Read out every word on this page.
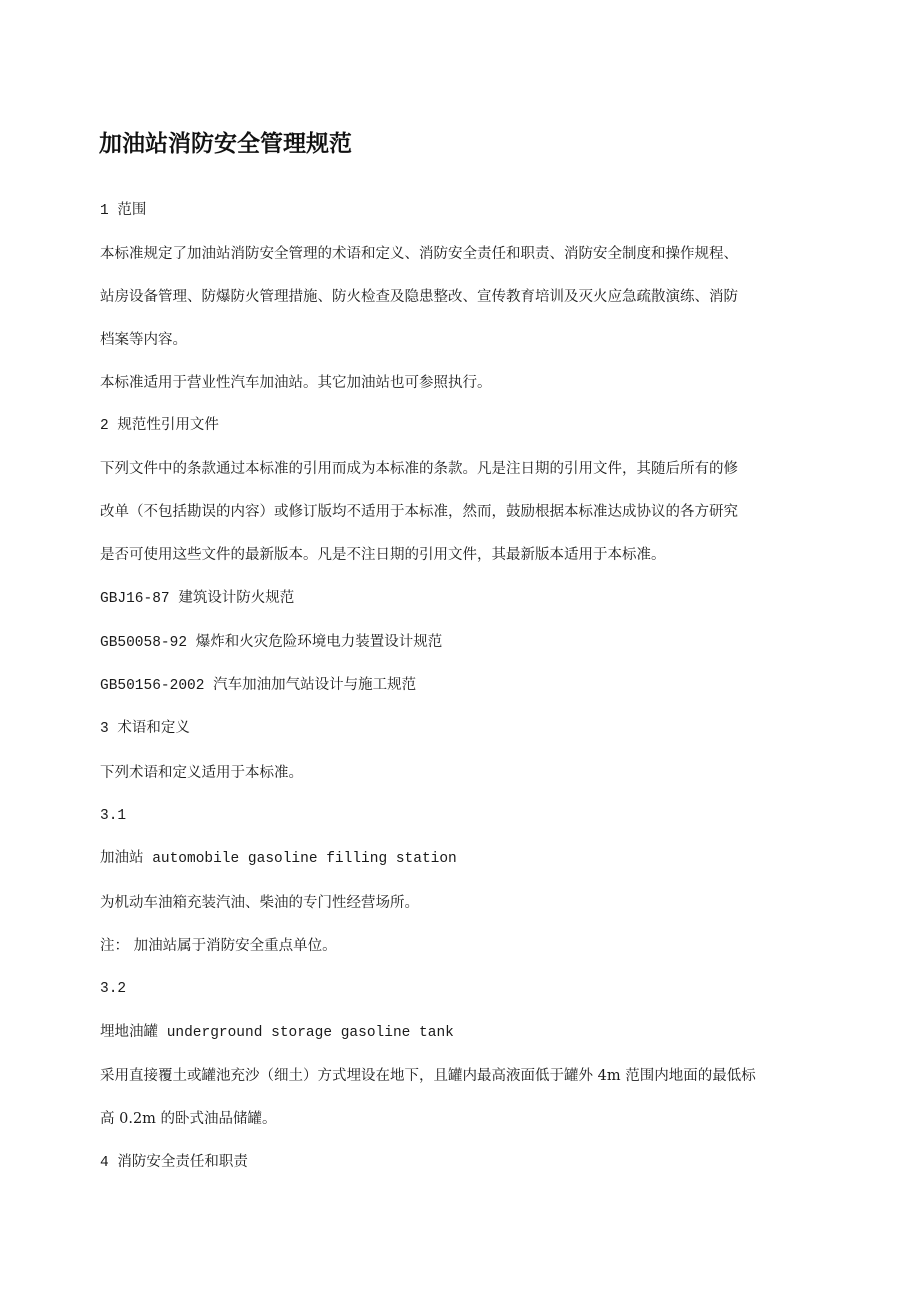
加油站消防安全管理规范

1 范围

本标准规定了加油站消防安全管理的术语和定义、消防安全责任和职责、消防安全制度和操作规程、

站房设备管理、防爆防火管理措施、防火检查及隐患整改、宣传教育培训及灭火应急疏散演练、消防

档案等内容。

本标准适用于营业性汽车加油站。其它加油站也可参照执行。

2 规范性引用文件

下列文件中的条款通过本标准的引用而成为本标准的条款。凡是注日期的引用文件，其随后所有的修

改单（不包括勘误的内容）或修订版均不适用于本标准，然而，鼓励根据本标准达成协议的各方研究

是否可使用这些文件的最新版本。凡是不注日期的引用文件，其最新版本适用于本标准。

GBJ16-87 建筑设计防火规范

GB50058-92 爆炸和火灾危险环境电力装置设计规范

GB50156-2002 汽车加油加气站设计与施工规范

3 术语和定义

下列术语和定义适用于本标准。

3.1

加油站 automobile gasoline filling station

为机动车油箱充装汽油、柴油的专门性经营场所。

注： 加油站属于消防安全重点单位。

3.2

埋地油罐 underground storage gasoline tank

采用直接覆土或罐池充沙（细土）方式埋设在地下，且罐内最高液面低于罐外 4m 范围内地面的最低标

高 0.2m 的卧式油品储罐。

4 消防安全责任和职责
